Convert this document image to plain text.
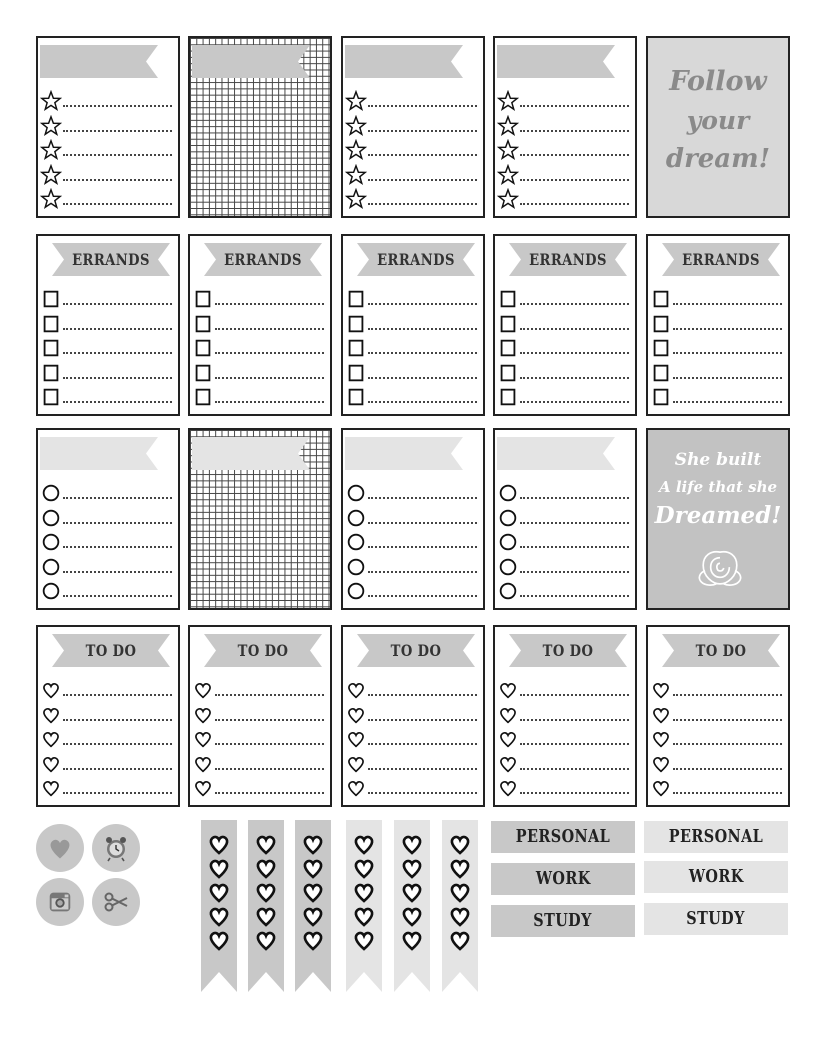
Follow
your
dream!
ERRANDS	ERRANDS	ERRANDS	ERRANDS	ERRANDS
She built
A life that she
Dreamed!
TO DO	TO DO	TO DO	TO DO	TO DO
PERSONAL
WORK
STUDY
PERSONAL
WORK
STUDY
